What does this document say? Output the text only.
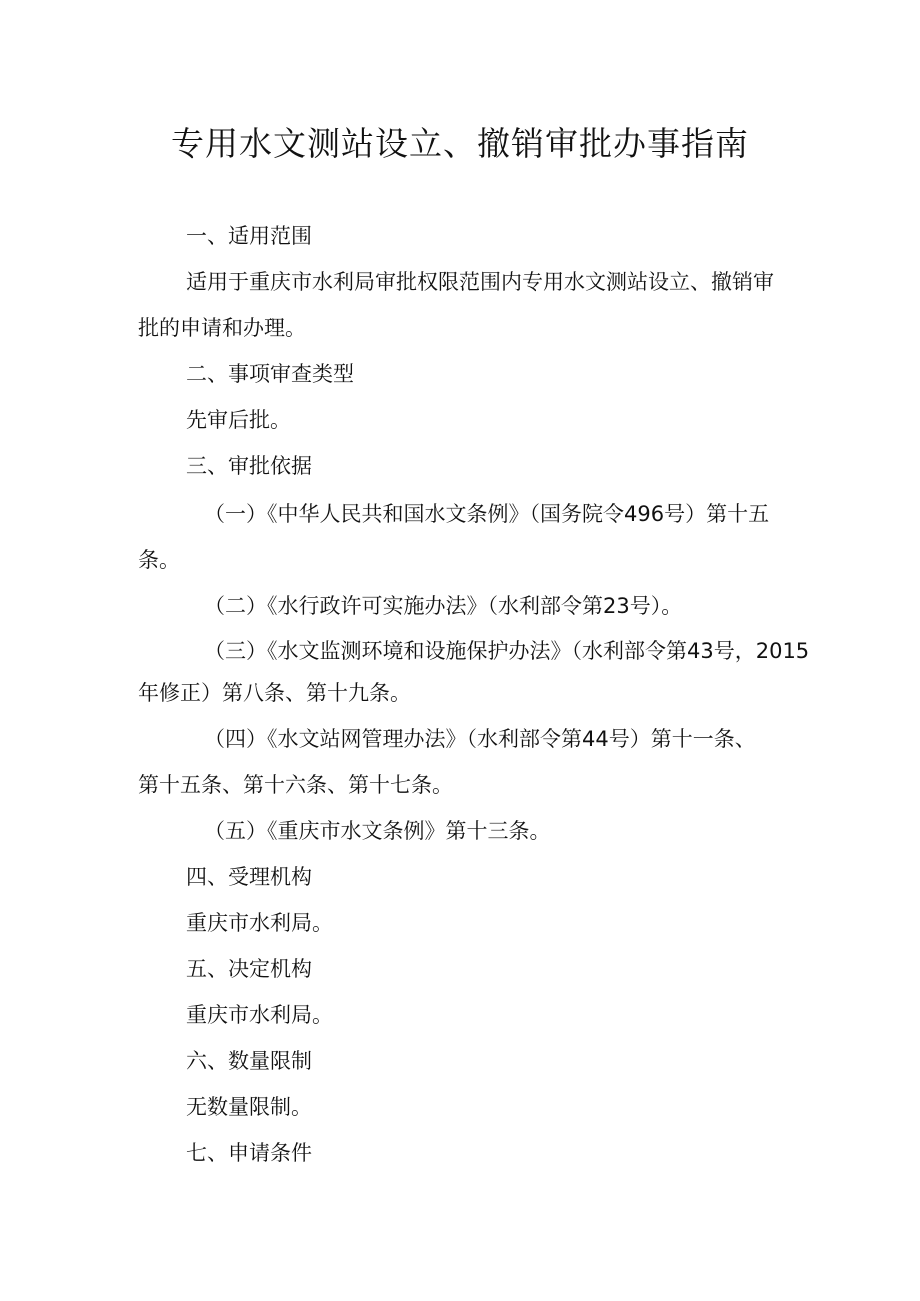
专用水文测站设立、撤销审批办事指南

一、适用范围

适用于重庆市水利局审批权限范围内专用水文测站设立、撤销审

批的申请和办理。

二、事项审查类型

先审后批。

三、审批依据

（一）《中华人民共和国水文条例》（国务院令496号）第十五

条。

（二）《水行政许可实施办法》（水利部令第23号）。

（三）《水文监测环境和设施保护办法》（水利部令第43号，2015

年修正）第八条、第十九条。

（四）《水文站网管理办法》（水利部令第44号）第十一条、

第十五条、第十六条、第十七条。

（五）《重庆市水文条例》第十三条。

四、受理机构

重庆市水利局。

五、决定机构

重庆市水利局。

六、数量限制

无数量限制。

七、申请条件
